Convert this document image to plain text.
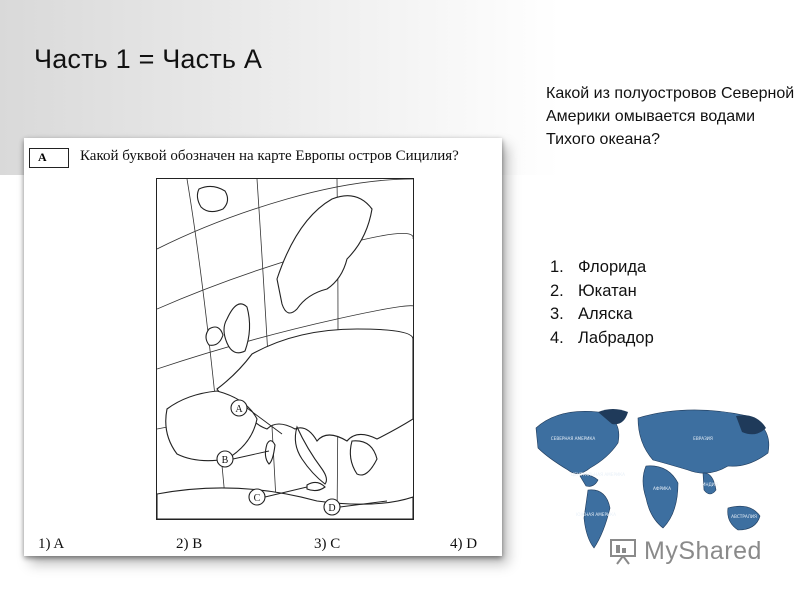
Часть 1 = Часть А
Какой из полуостровов Северной Америки омывается водами Тихого океана?
1. Флорида
2. Юкатан
3. Аляска
4. Лабрадор
А	Какой буквой обозначен на карте Европы остров Сицилия?
A
B
C
D
1) A	2) B	3) C	4) D
СЕВЕРНАЯ АМЕРИКА	ЕВРАЗИЯ
ЦЕНТРАЛЬНАЯ АМЕРИКА
АФРИКА
ЮЖНАЯ АМЕРИКА
ИНДИЯ
АВСТРАЛИЯ
MyShared
